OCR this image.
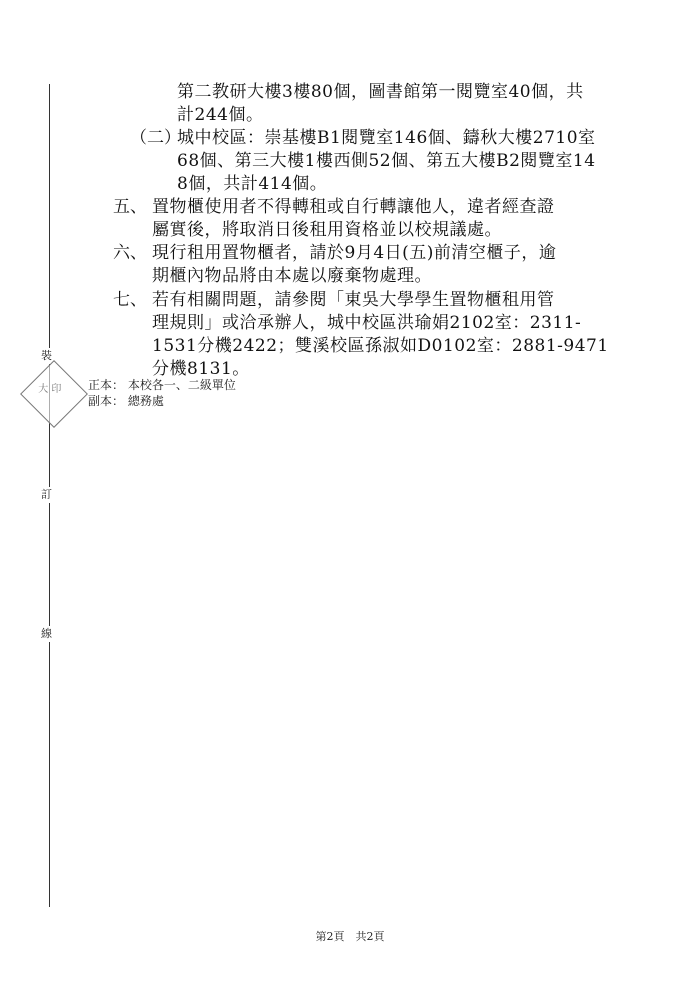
裝
訂
線
大 印
第二教研大樓3樓80個，圖書館第一閱覽室40個，共
計244個。
（二）
城中校區：崇基樓B1閱覽室146個、鑄秋大樓2710室
68個、第三大樓1樓西側52個、第五大樓B2閱覽室14
8個，共計414個。
五、 置物櫃使用者不得轉租或自行轉讓他人，違者經查證
屬實後，將取消日後租用資格並以校規議處。
六、 現行租用置物櫃者，請於9月4日(五)前清空櫃子，逾
期櫃內物品將由本處以廢棄物處理。
七、 若有相關問題，請參閱「東吳大學學生置物櫃租用管
理規則」或洽承辦人，城中校區洪瑜娟2102室：2311-
1531分機2422；雙溪校區孫淑如D0102室：2881-9471
分機8131。
正本： 本校各一、二級單位
副本： 總務處
第2頁　共2頁
